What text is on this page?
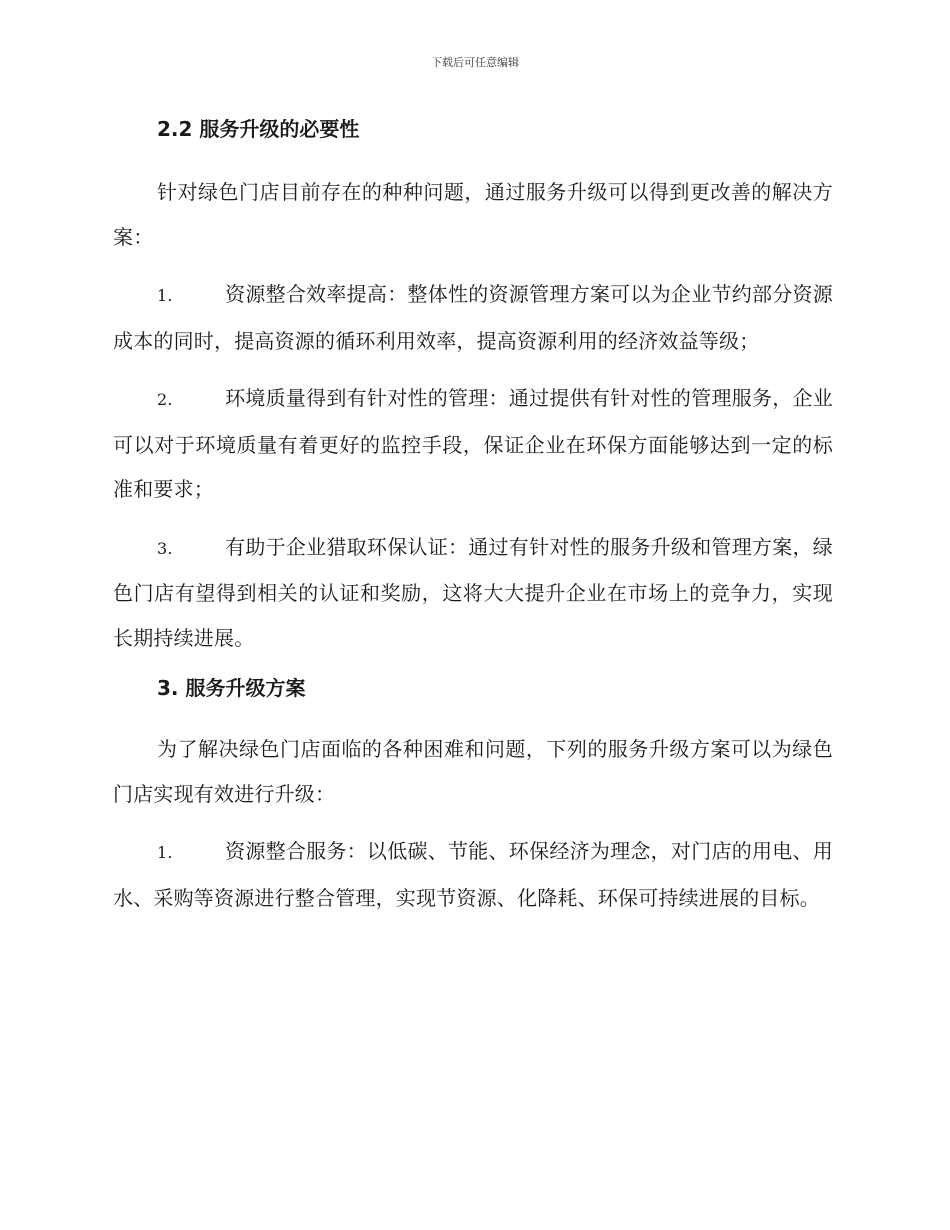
下载后可任意编辑
2.2 服务升级的必要性

针对绿色门店目前存在的种种问题，通过服务升级可以得到更改善的解决方案：

1.	资源整合效率提高：整体性的资源管理方案可以为企业节约部分资源成本的同时，提高资源的循环利用效率，提高资源利用的经济效益等级；

2.	环境质量得到有针对性的管理：通过提供有针对性的管理服务，企业可以对于环境质量有着更好的监控手段，保证企业在环保方面能够达到一定的标准和要求；

3.	有助于企业猎取环保认证：通过有针对性的服务升级和管理方案，绿色门店有望得到相关的认证和奖励，这将大大提升企业在市场上的竞争力，实现长期持续进展。

3. 服务升级方案

为了解决绿色门店面临的各种困难和问题，下列的服务升级方案可以为绿色门店实现有效进行升级：

1.	资源整合服务：以低碳、节能、环保经济为理念，对门店的用电、用水、采购等资源进行整合管理，实现节资源、化降耗、环保可持续进展的目标。
